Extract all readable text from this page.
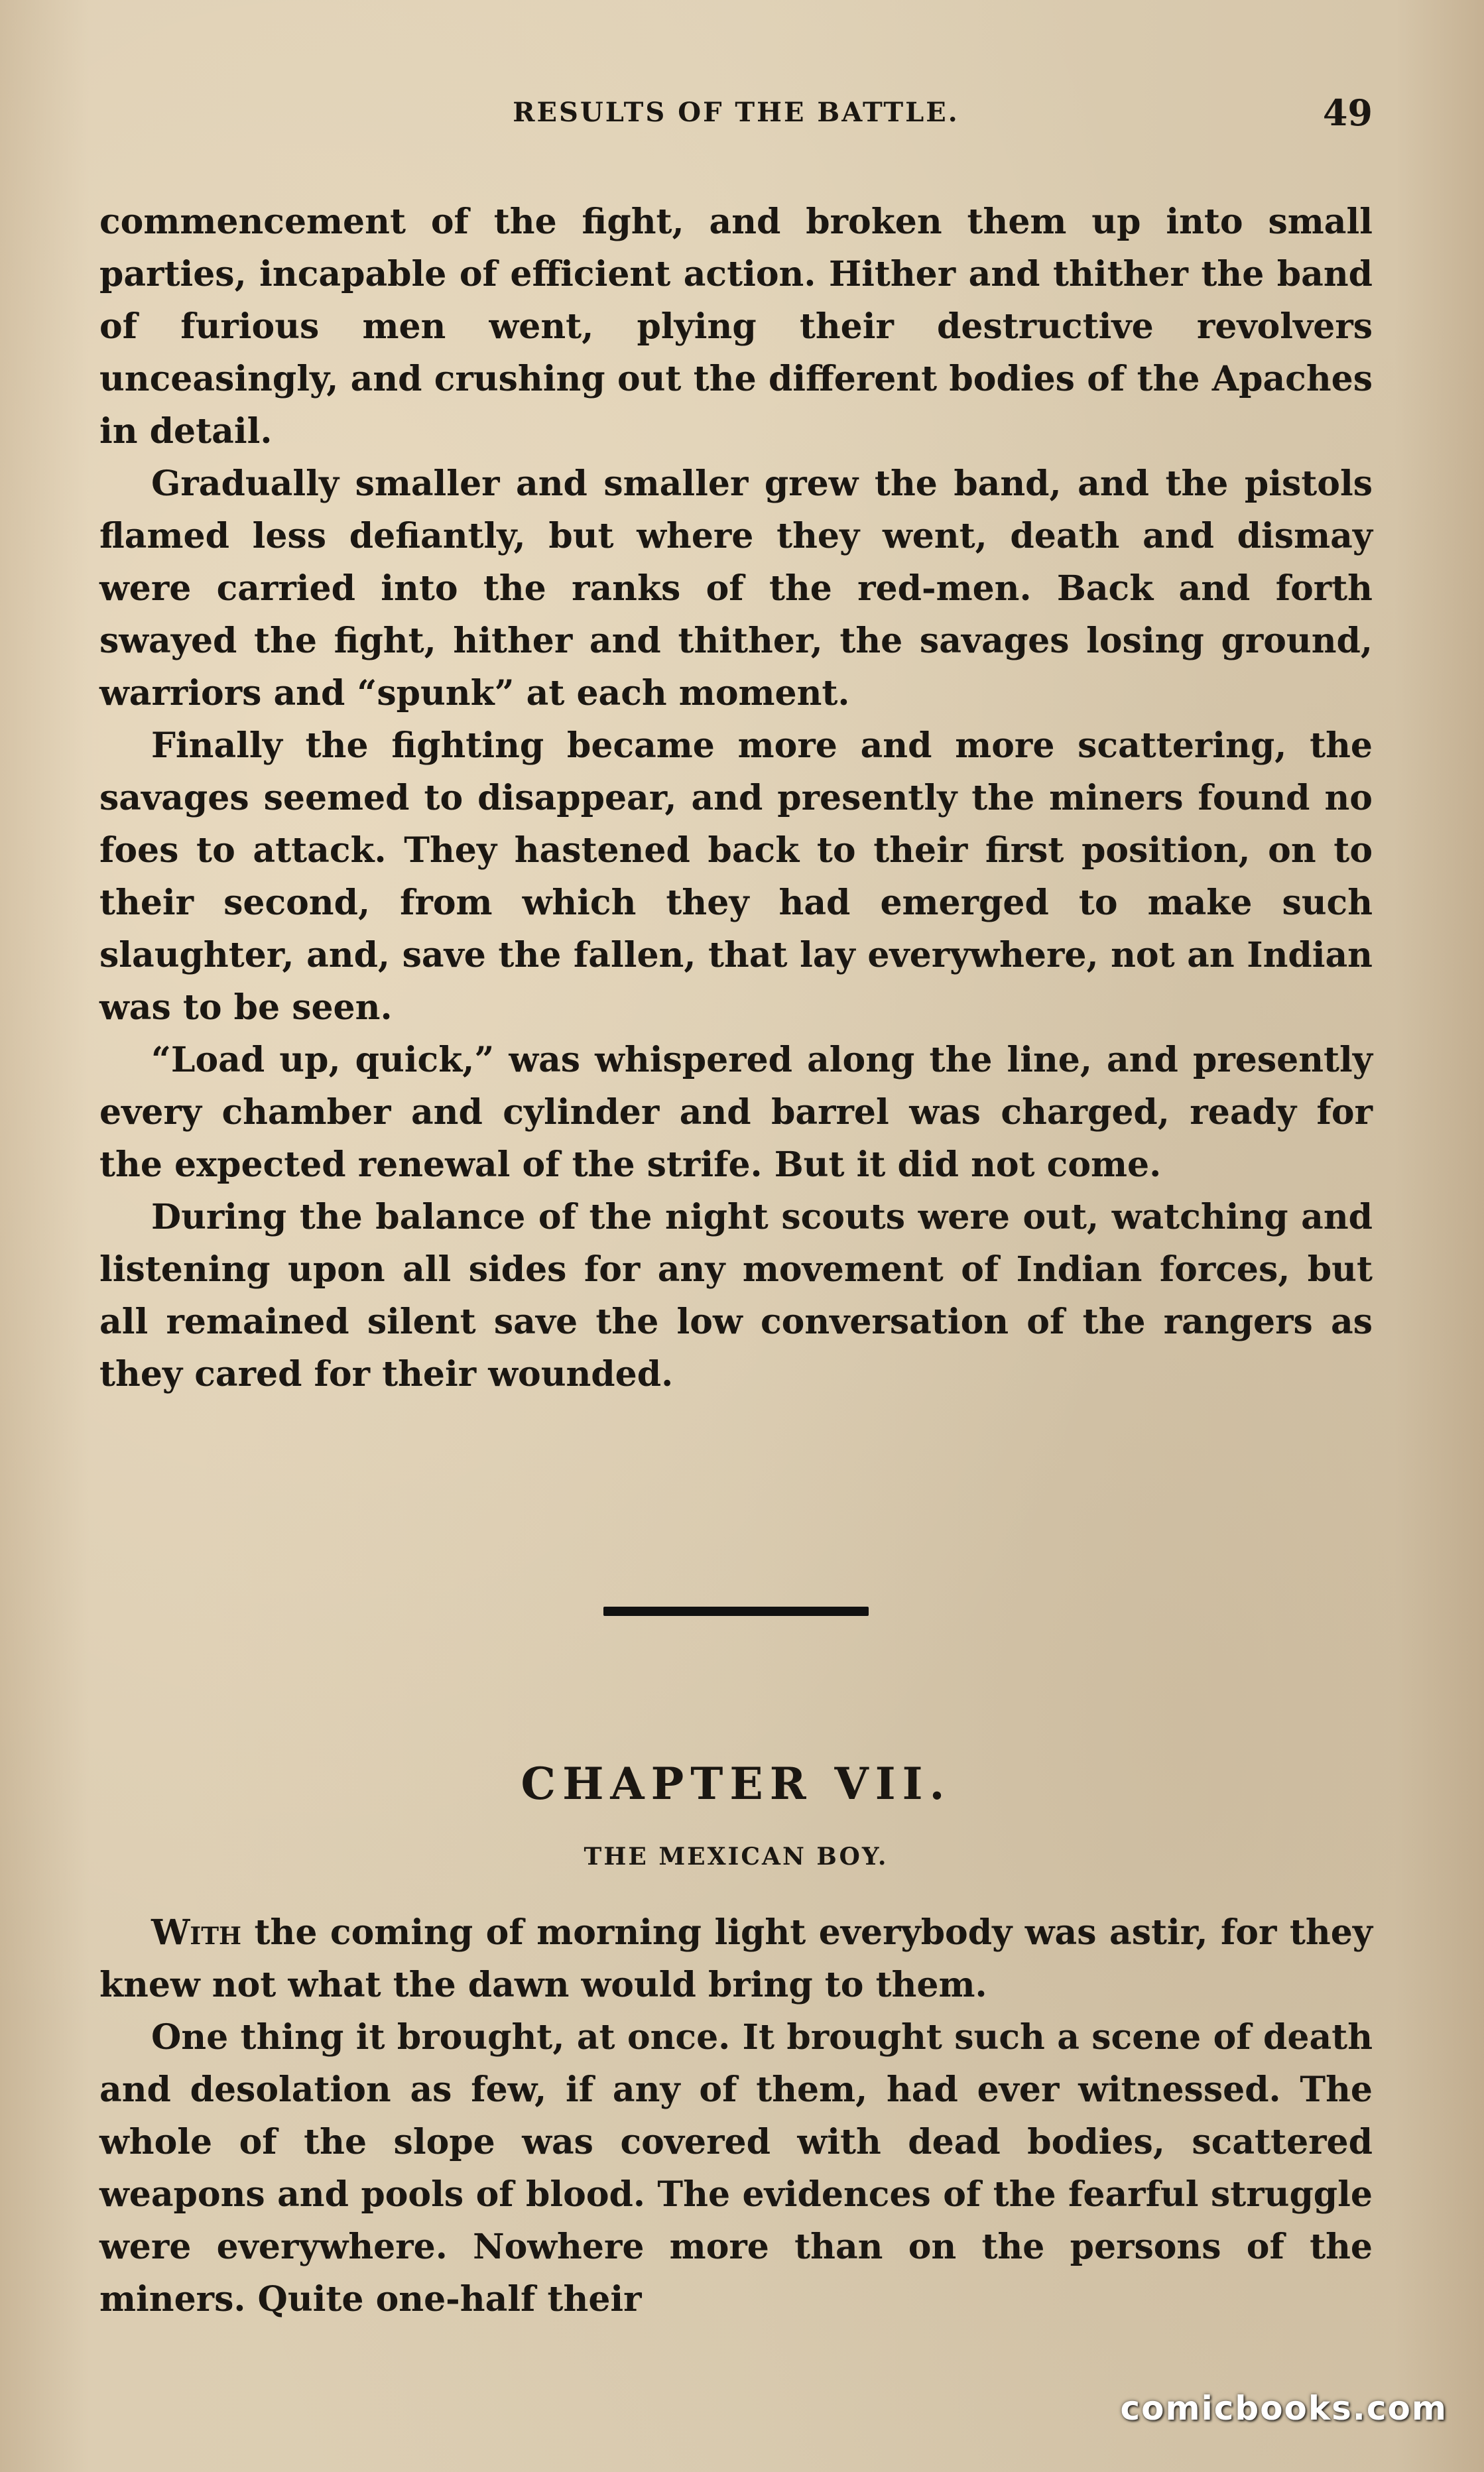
RESULTS OF THE BATTLE.	49

commencement of the fight, and broken them up into small parties, incapable of efficient action. Hither and thither the band of furious men went, plying their destructive revolvers unceasingly, and crushing out the different bodies of the Apaches in detail.

Gradually smaller and smaller grew the band, and the pistols flamed less defiantly, but where they went, death and dismay were carried into the ranks of the red-men. Back and forth swayed the fight, hither and thither, the savages losing ground, warriors and “spunk” at each moment.

Finally the fighting became more and more scattering, the savages seemed to disappear, and presently the miners found no foes to attack. They hastened back to their first position, on to their second, from which they had emerged to make such slaughter, and, save the fallen, that lay everywhere, not an Indian was to be seen.

“Load up, quick,” was whispered along the line, and presently every chamber and cylinder and barrel was charged, ready for the expected renewal of the strife. But it did not come.

During the balance of the night scouts were out, watching and listening upon all sides for any movement of Indian forces, but all remained silent save the low conversation of the rangers as they cared for their wounded.

CHAPTER VII.
THE MEXICAN BOY.

With the coming of morning light everybody was astir, for they knew not what the dawn would bring to them.

One thing it brought, at once. It brought such a scene of death and desolation as few, if any of them, had ever witnessed. The whole of the slope was covered with dead bodies, scattered weapons and pools of blood. The evidences of the fearful struggle were everywhere. Nowhere more than on the persons of the miners. Quite one-half their

comicbooks.com
